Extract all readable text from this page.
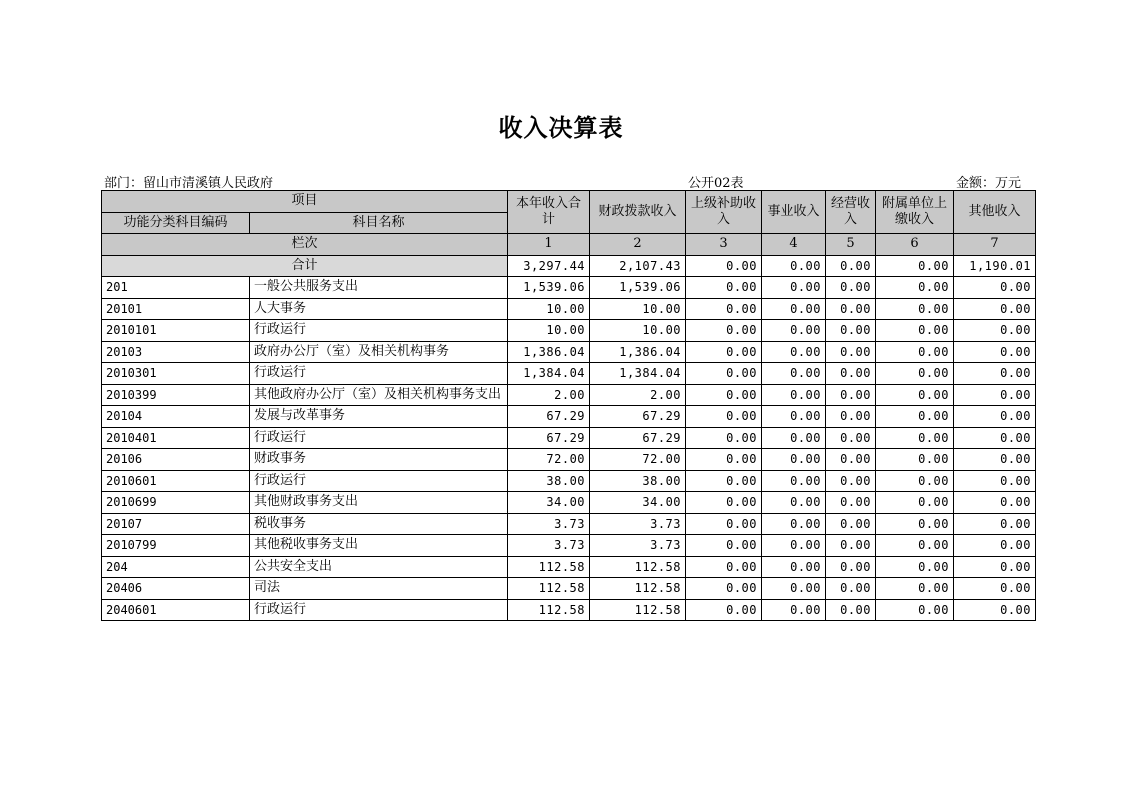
收入决算表
部门：留山市清溪镇人民政府	公开02表	金额：万元
项目		本年收入合计	财政拨款收入	上级补助收入	事业收入	经营收入	附属单位上缴收入	其他收入
功能分类科目编码	科目名称							
栏次		1	2	3	4	5	6	7
合计		3,297.44	2,107.43	0.00	0.00	0.00	0.00	1,190.01
201	一般公共服务支出	1,539.06	1,539.06	0.00	0.00	0.00	0.00	0.00
20101	人大事务	10.00	10.00	0.00	0.00	0.00	0.00	0.00
2010101	行政运行	10.00	10.00	0.00	0.00	0.00	0.00	0.00
20103	政府办公厅（室）及相关机构事务	1,386.04	1,386.04	0.00	0.00	0.00	0.00	0.00
2010301	行政运行	1,384.04	1,384.04	0.00	0.00	0.00	0.00	0.00
2010399	其他政府办公厅（室）及相关机构事务支出	2.00	2.00	0.00	0.00	0.00	0.00	0.00
20104	发展与改革事务	67.29	67.29	0.00	0.00	0.00	0.00	0.00
2010401	行政运行	67.29	67.29	0.00	0.00	0.00	0.00	0.00
20106	财政事务	72.00	72.00	0.00	0.00	0.00	0.00	0.00
2010601	行政运行	38.00	38.00	0.00	0.00	0.00	0.00	0.00
2010699	其他财政事务支出	34.00	34.00	0.00	0.00	0.00	0.00	0.00
20107	税收事务	3.73	3.73	0.00	0.00	0.00	0.00	0.00
2010799	其他税收事务支出	3.73	3.73	0.00	0.00	0.00	0.00	0.00
204	公共安全支出	112.58	112.58	0.00	0.00	0.00	0.00	0.00
20406	司法	112.58	112.58	0.00	0.00	0.00	0.00	0.00
2040601	行政运行	112.58	112.58	0.00	0.00	0.00	0.00	0.00
